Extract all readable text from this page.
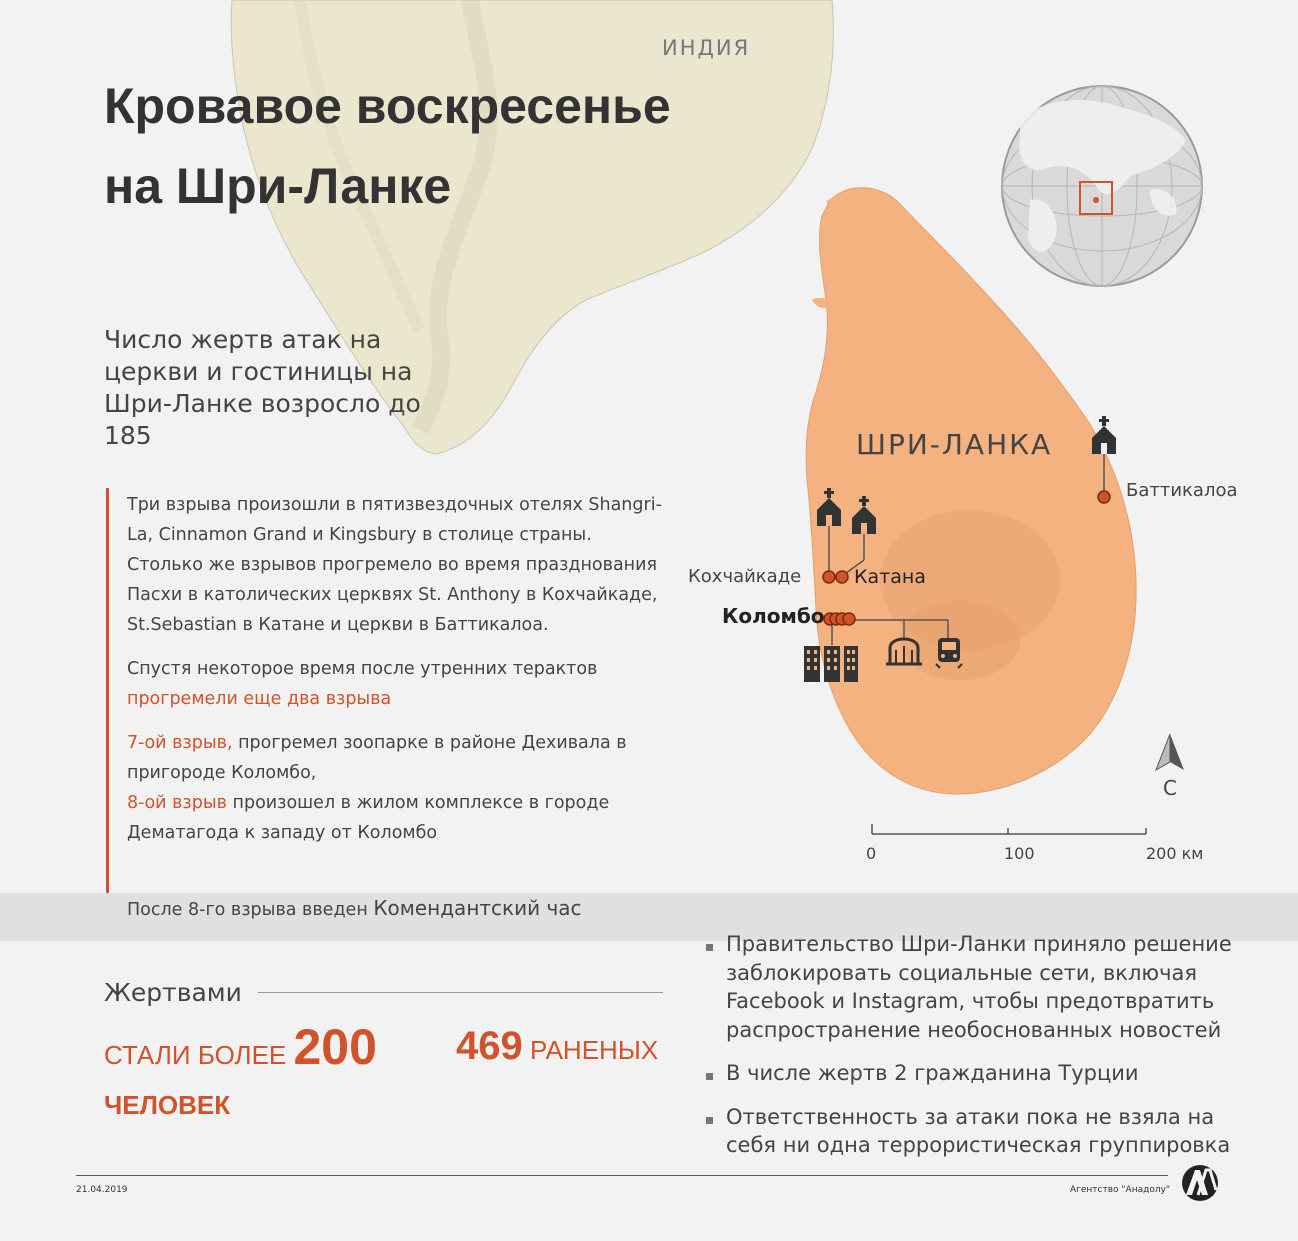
Кровавое воскресенье
на Шри-Ланке
Число жертв атак на церкви и гостиницы на Шри-Ланке возросло до 185
ИНДИЯ
ШРИ-ЛАНКА
Баттикалоа
Кохчайкаде	Катана
Коломбо
С
0	100	200 км

Три взрыва произошли в пятизвездочных отелях Shangri-La, Cinnamon Grand и Kingsbury в столице страны. Столько же взрывов прогремело во время празднования Пасхи в католических церквях St. Anthony в Кохчайкаде, St.Sebastian в Катане и церкви в Баттикалоа.

Спустя некоторое время после утренних терактов
прогремели еще два взрыва

7-ой взрыв, прогремел зоопарке в районе Дехивала в пригороде Коломбо,
8-ой взрыв произошел в жилом комплексе в городе Дематагода к западу от Коломбо

После 8-го взрыва введен Комендантский час
Жертвами
СТАЛИ БОЛЕЕ 200
ЧЕЛОВЕК
469 РАНЕНЫХ
Правительство Шри-Ланки приняло решение заблокировать социальные сети, включая Facebook и Instagram, чтобы предотвратить распространение необоснованных новостей
В числе жертв 2 гражданина Турции
Ответственность за атаки пока не взяла на себя ни одна террористическая группировка
21.04.2019	Агентство "Анадолу"
